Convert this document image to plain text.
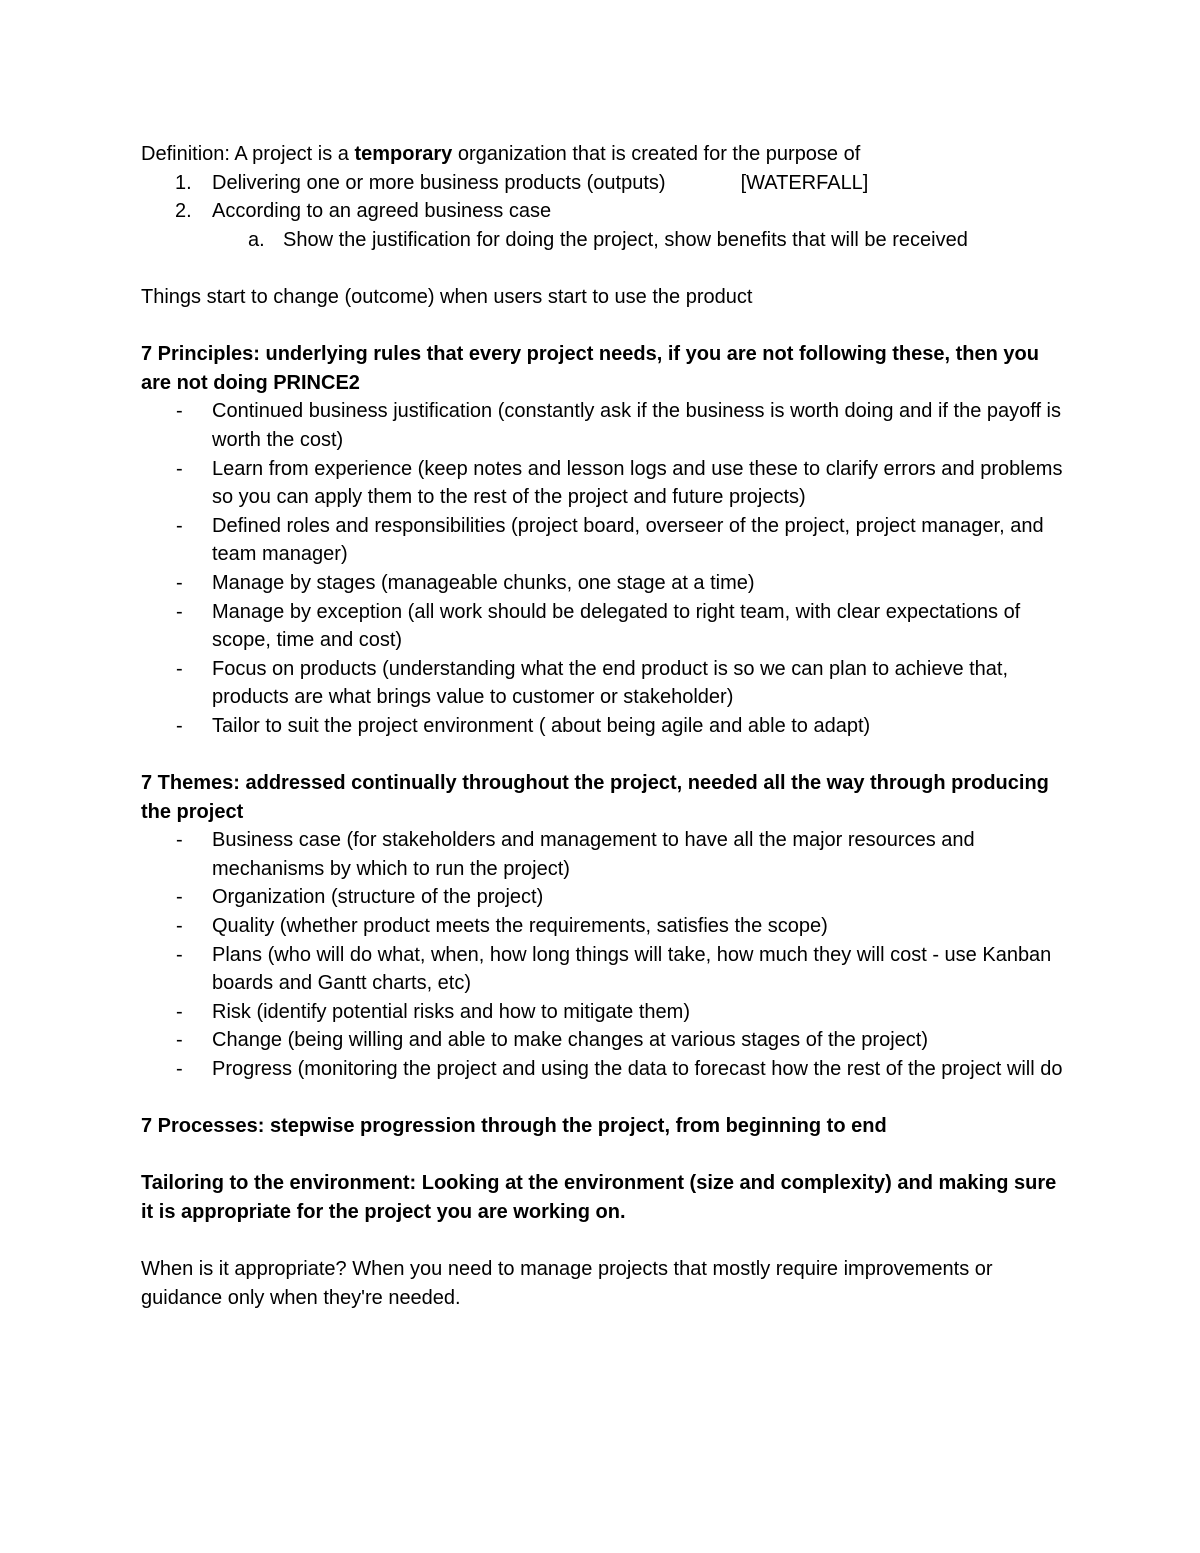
Definition: A project is a temporary organization that is created for the purpose of

1. Delivering one or more business products (outputs)	[WATERFALL]
2. According to an agreed business case
a. Show the justification for doing the project, show benefits that will be received

Things start to change (outcome) when users start to use the product

7 Principles: underlying rules that every project needs, if you are not following these, then you are not doing PRINCE2

- Continued business justification (constantly ask if the business is worth doing and if the payoff is worth the cost)
- Learn from experience (keep notes and lesson logs and use these to clarify errors and problems so you can apply them to the rest of the project and future projects)
- Defined roles and responsibilities (project board, overseer of the project, project manager, and team manager)
- Manage by stages (manageable chunks, one stage at a time)
- Manage by exception (all work should be delegated to right team, with clear expectations of scope, time and cost)
- Focus on products (understanding what the end product is so we can plan to achieve that, products are what brings value to customer or stakeholder)
- Tailor to suit the project environment ( about being agile and able to adapt)

7 Themes: addressed continually throughout the project, needed all the way through producing the project

- Business case (for stakeholders and management to have all the major resources and mechanisms by which to run the project)
- Organization (structure of the project)
- Quality (whether product meets the requirements, satisfies the scope)
- Plans (who will do what, when, how long things will take, how much they will cost - use Kanban boards and Gantt charts, etc)
- Risk (identify potential risks and how to mitigate them)
- Change (being willing and able to make changes at various stages of the project)
- Progress (monitoring the project and using the data to forecast how the rest of the project will do

7 Processes: stepwise progression through the project, from beginning to end

Tailoring to the environment: Looking at the environment (size and complexity) and making sure it is appropriate for the project you are working on.

When is it appropriate? When you need to manage projects that mostly require improvements or guidance only when they're needed.
